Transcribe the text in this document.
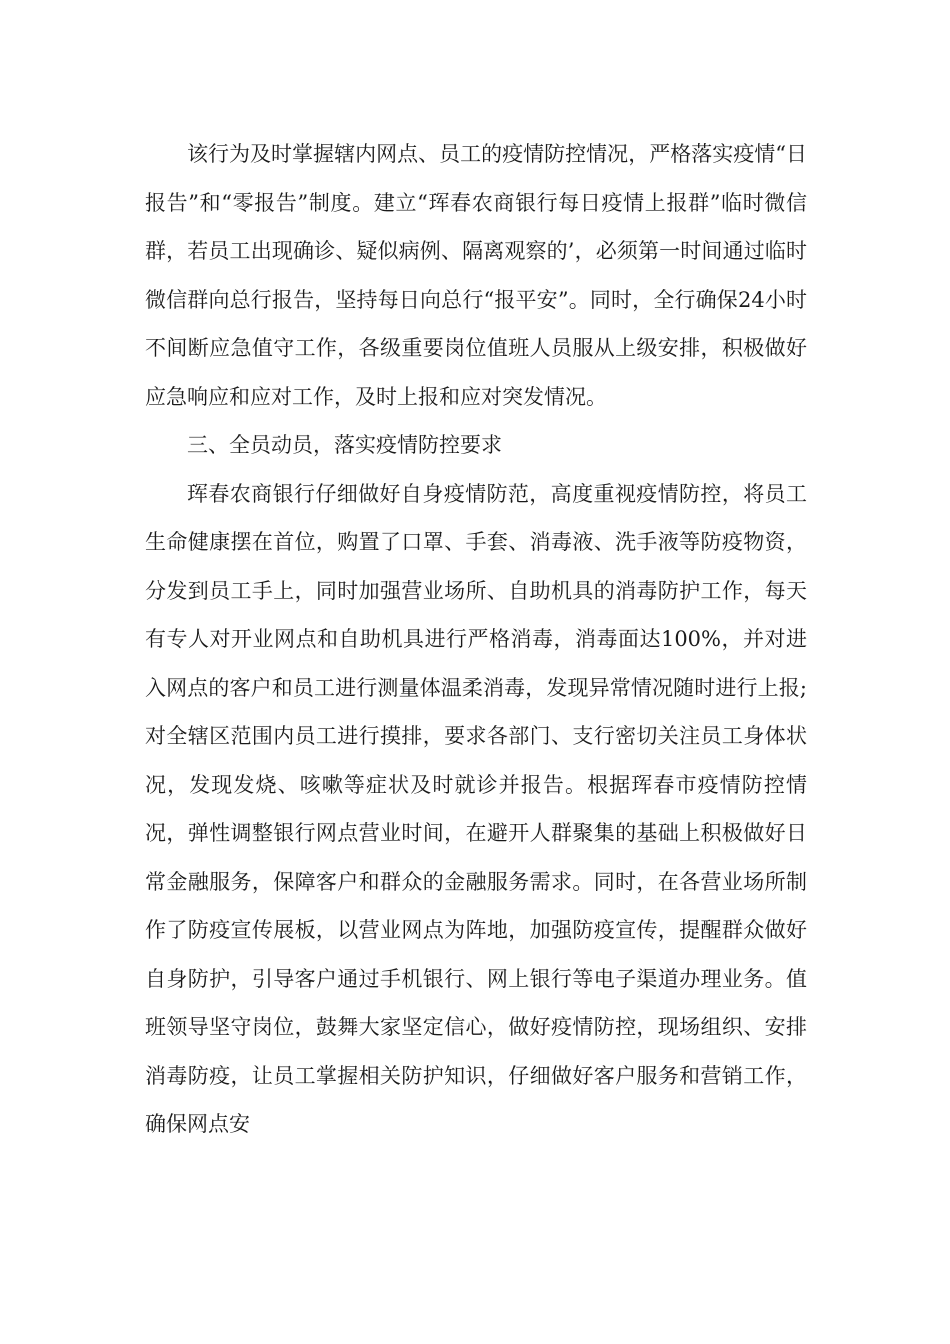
该行为及时掌握辖内网点、员工的疫情防控情况，严格落实疫情“日报告”和“零报告”制度。建立“珲春农商银行每日疫情上报群”临时微信群，若员工出现确诊、疑似病例、隔离观察的’，必须第一时间通过临时微信群向总行报告，坚持每日向总行“报平安”。同时，全行确保24小时不间断应急值守工作，各级重要岗位值班人员服从上级安排，积极做好应急响应和应对工作，及时上报和应对突发情况。

三、全员动员，落实疫情防控要求

珲春农商银行仔细做好自身疫情防范，高度重视疫情防控，将员工生命健康摆在首位，购置了口罩、手套、消毒液、洗手液等防疫物资，分发到员工手上，同时加强营业场所、自助机具的消毒防护工作，每天有专人对开业网点和自助机具进行严格消毒，消毒面达100%，并对进入网点的客户和员工进行测量体温柔消毒，发现异常情况随时进行上报;对全辖区范围内员工进行摸排，要求各部门、支行密切关注员工身体状况，发现发烧、咳嗽等症状及时就诊并报告。根据珲春市疫情防控情况，弹性调整银行网点营业时间，在避开人群聚集的基础上积极做好日常金融服务，保障客户和群众的金融服务需求。同时，在各营业场所制作了防疫宣传展板，以营业网点为阵地，加强防疫宣传，提醒群众做好自身防护，引导客户通过手机银行、网上银行等电子渠道办理业务。值班领导坚守岗位，鼓舞大家坚定信心，做好疫情防控，现场组织、安排消毒防疫，让员工掌握相关防护知识，仔细做好客户服务和营销工作，确保网点安
